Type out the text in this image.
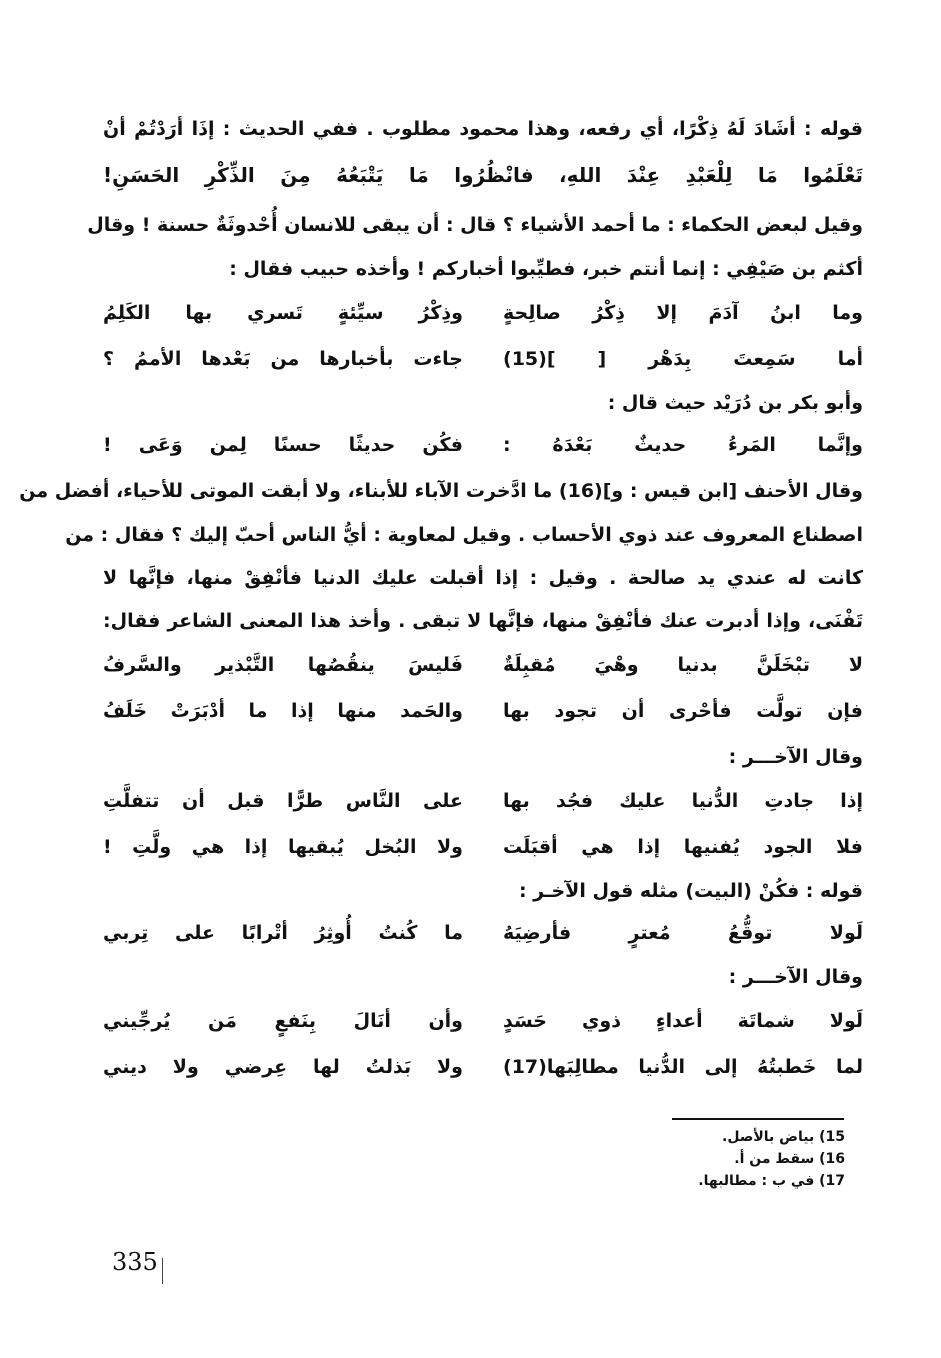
قوله : أشَادَ لَهُ ذِكْرًا، أي رفعه، وهذا محمود مطلوب . ففي الحديث : إذَا أرَدْتُمْ أنْ
تَعْلَمُوا مَا لِلْعَبْدِ عِنْدَ اللهِ، فانْظُرُوا مَا يَتْبَعُهُ مِنَ الذِّكْرِ الحَسَنِ!
وقيل لبعض الحكماء : ما أحمد الأشياء ؟ قال : أن يبقى للانسان أُحْدوثَةٌ حسنة ! وقال
أكثم بن صَيْفِي : إنما أنتم خبر، فطيِّبوا أخباركم ! وأخذه حبيب فقال :
وما ابنُ آدَمَ إلا ذِكْرُ صالِحةٍ
وذِكْرُ سيِّئةٍ تَسري بها الكَلِمُ
أما سَمِعتَ بِدَهْر [ ](15)
جاءت بأخبارها من بَعْدها الأممُ ؟
وأبو بكر بن دُرَيْد حيث قال :
وإنَّما المَرءُ حديثٌ بَعْدَهُ :
فكُن حديثًا حسنًا لِمن وَعَى !
وقال الأحنف [ابن قيس : و](16) ما ادَّخرت الآباء للأبناء، ولا أبقت الموتى للأحياء، أفضل من
اصطناع المعروف عند ذوي الأحساب . وقيل لمعاوية : أيُّ الناس أحبّ إليك ؟ فقال : من
كانت له عندي يد صالحة . وقيل : إذا أقبلت عليك الدنيا فأنْفِقْ منها، فإنَّها لا
تَفْنَى، وإذا أدبرت عنك فأنْفِقْ منها، فإنَّها لا تبقى . وأخذ هذا المعنى الشاعر فقال:
لا تبْخَلَنَّ بدنيا وهْيَ مُقبِلَةٌ
فَليسَ ينقُصُها التَّبْذير والسَّرفُ
فإن تولَّت فأحْرى أن تجود بها
والحَمد منها إذا ما أدْبَرَتْ خَلَفُ
وقال الآخـــر :
إذا جادتِ الدُّنيا عليك فجُد بها
على النَّاس طرًّا قبل أن تتفلَّتِ
فلا الجود يُفنيها إذا هي أقبَلَت
ولا البُخل يُبقيها إذا هي ولَّتِ !
قوله : فكُنْ (البيت) مثله قول الآخـر :
لَولا توقُّعُ مُعترٍ فأرضِيَهُ
ما كُنتُ أُوثِرُ أتْرابًا على تِربي
وقال الآخـــر :
لَولا شماتَة أعداءٍ ذوي حَسَدٍ
وأن أنَالَ بِنَفعٍ مَن يُرجِّيني
لما خَطبتُهُ إلى الدُّنيا مطالِبَها(17)
ولا بَذلتُ لها عِرضي ولا ديني
15) بياض بالأصل.
16) سقط من أ.
17) في ب : مطالبها.
335
